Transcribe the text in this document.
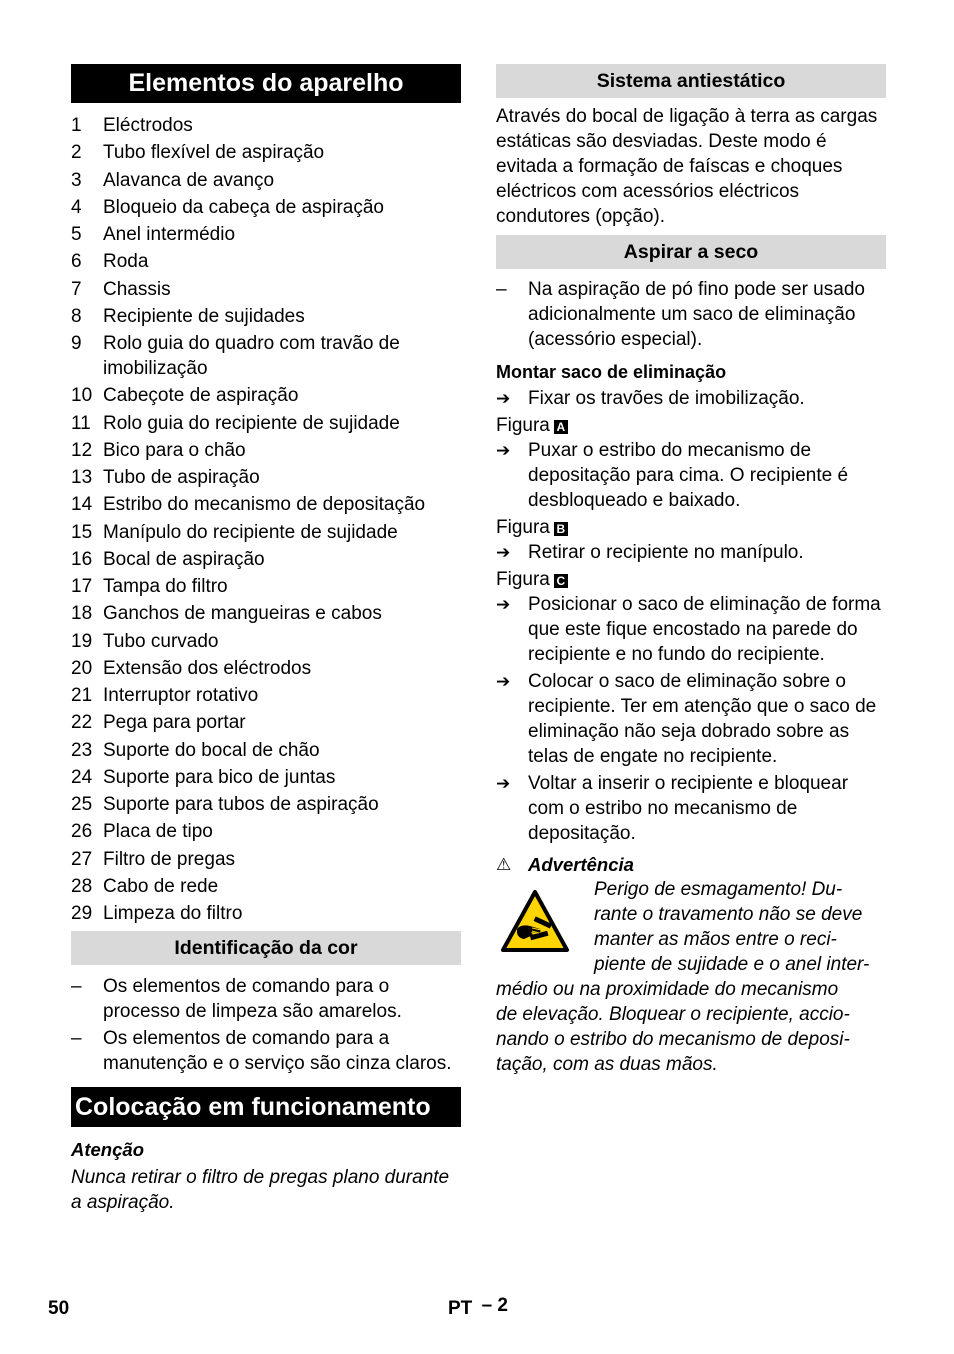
Elementos do aparelho
1	Eléctrodos
2	Tubo flexível de aspiração
3	Alavanca de avanço
4	Bloqueio da cabeça de aspiração
5	Anel intermédio
6	Roda
7	Chassis
8	Recipiente de sujidades
9	Rolo guia do quadro com travão de imobilização
10 Cabeçote de aspiração
11 Rolo guia do recipiente de sujidade
12 Bico para o chão
13 Tubo de aspiração
14 Estribo do mecanismo de depositação
15 Manípulo do recipiente de sujidade
16 Bocal de aspiração
17 Tampa do filtro
18 Ganchos de mangueiras e cabos
19 Tubo curvado
20 Extensão dos eléctrodos
21 Interruptor rotativo
22 Pega para portar
23 Suporte do bocal de chão
24 Suporte para bico de juntas
25 Suporte para tubos de aspiração
26 Placa de tipo
27 Filtro de pregas
28 Cabo de rede
29 Limpeza do filtro
Identificação da cor
–	Os elementos de comando para o processo de limpeza são amarelos.
–	Os elementos de comando para a manutenção e o serviço são cinza claros.
Colocação em funcionamento
Atenção
Nunca retirar o filtro de pregas plano durante a aspiração.
Sistema antiestático
Através do bocal de ligação à terra as cargas estáticas são desviadas. Deste modo é evitada a formação de faíscas e choques eléctricos com acessórios eléctricos condutores (opção).
Aspirar a seco
–	Na aspiração de pó fino pode ser usado adicionalmente um saco de eliminação (acessório especial).
Montar saco de eliminação
➔ Fixar os travões de imobilização.
Figura A
➔ Puxar o estribo do mecanismo de depositação para cima. O recipiente é desbloqueado e baixado.
Figura B
➔ Retirar o recipiente no manípulo.
Figura C
➔ Posicionar o saco de eliminação de forma que este fique encostado na parede do recipiente e no fundo do recipiente.
➔ Colocar o saco de eliminação sobre o recipiente. Ter em atenção que o saco de eliminação não seja dobrado sobre as telas de engate no recipiente.
➔ Voltar a inserir o recipiente e bloquear com o estribo no mecanismo de depositação.
⚠ Advertência
Perigo de esmagamento! Du-
rante o travamento não se deve
manter as mãos entre o reci-
piente de sujidade e o anel inter-
médio ou na proximidade do mecanismo
de elevação. Bloquear o recipiente, accio-
nando o estribo do mecanismo de deposi-
tação, com as duas mãos.
50	PT – 2
